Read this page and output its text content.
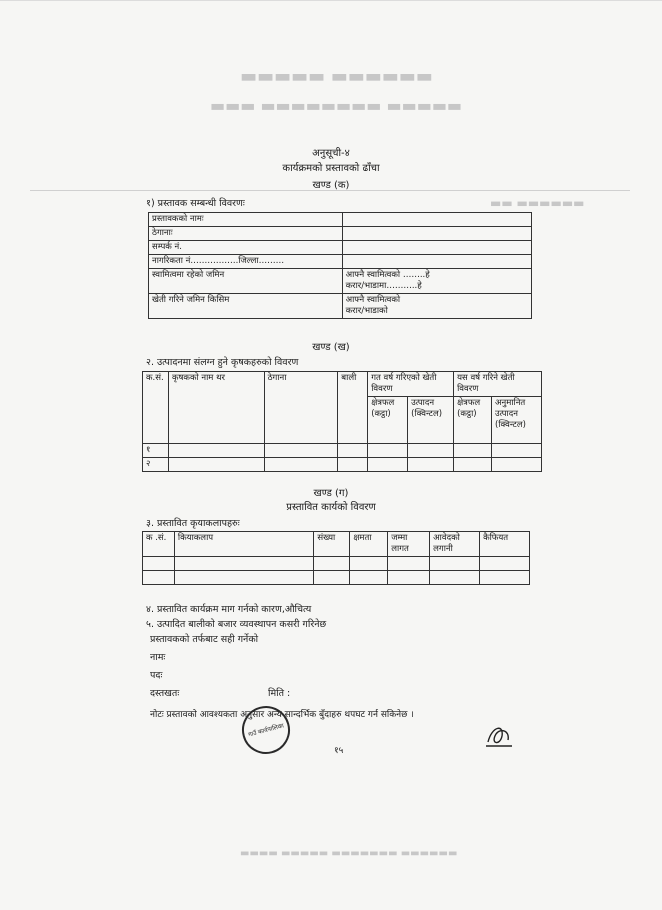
▬▬▬▬▬ ▬▬▬▬▬▬
▬▬▬ ▬▬▬▬▬▬▬▬ ▬▬▬▬▬
▬▬ ▬▬▬▬▬▬
अनुसूची-४
कार्यक्रमको प्रस्तावको ढाँचा
खण्ड (क)
१) प्रस्तावक सम्बन्धी विवरणः
प्रस्तावकको नामः	
ठेगानाः	
सम्पर्क नं.	
नागरिकता नं.…………….जिल्ला………	
स्वामित्वमा रहेको जमिन	आफ्नै स्वामित्वको ……..हे
करार/भाडामा………..हे

खेती गरिने जमिन किसिम	आफ्नै स्वामित्वको
करार/भाडाको
खण्ड (ख)
२. उत्पादनमा संलग्न हुने कृषकहरुको विवरण
क.सं.	कृषकको नाम थर	ठेगाना	बाली	गत वर्ष गरिएको खेती विवरण		यस वर्ष गरिने खेती विवरण	
				क्षेत्रफल (कट्ठा)	उत्पादन (क्विन्टल)	क्षेत्रफल (कट्ठा)	अनुमानित उत्पादन (क्विन्टल)
१							
२							
खण्ड (ग)
प्रस्तावित कार्यको विवरण
३. प्रस्तावित कृयाकलापहरुः
क .सं.	कियाकलाप	संख्या	क्षमता	जम्मा लागत	आवेदको लगानी	कैफियत

४. प्रस्तावित कार्यक्रम माग गर्नको कारण,औचित्य
५. उत्पादित बालीको बजार व्यवस्थापन कसरी गरिनेछ
प्रस्तावकको तर्फबाट सही गर्नेको
नामः
पदः
दस्तखतः	मिति :
नोटः प्रस्तावको आवश्यकता अनुसार अन्य सान्दर्भिक बुँदाहरु थपघट गर्न सकिनेछ ।
गाउँ कार्यपालिका
१५
▬▬▬▬ ▬▬▬▬▬ ▬▬▬▬▬▬▬ ▬▬▬▬▬▬
